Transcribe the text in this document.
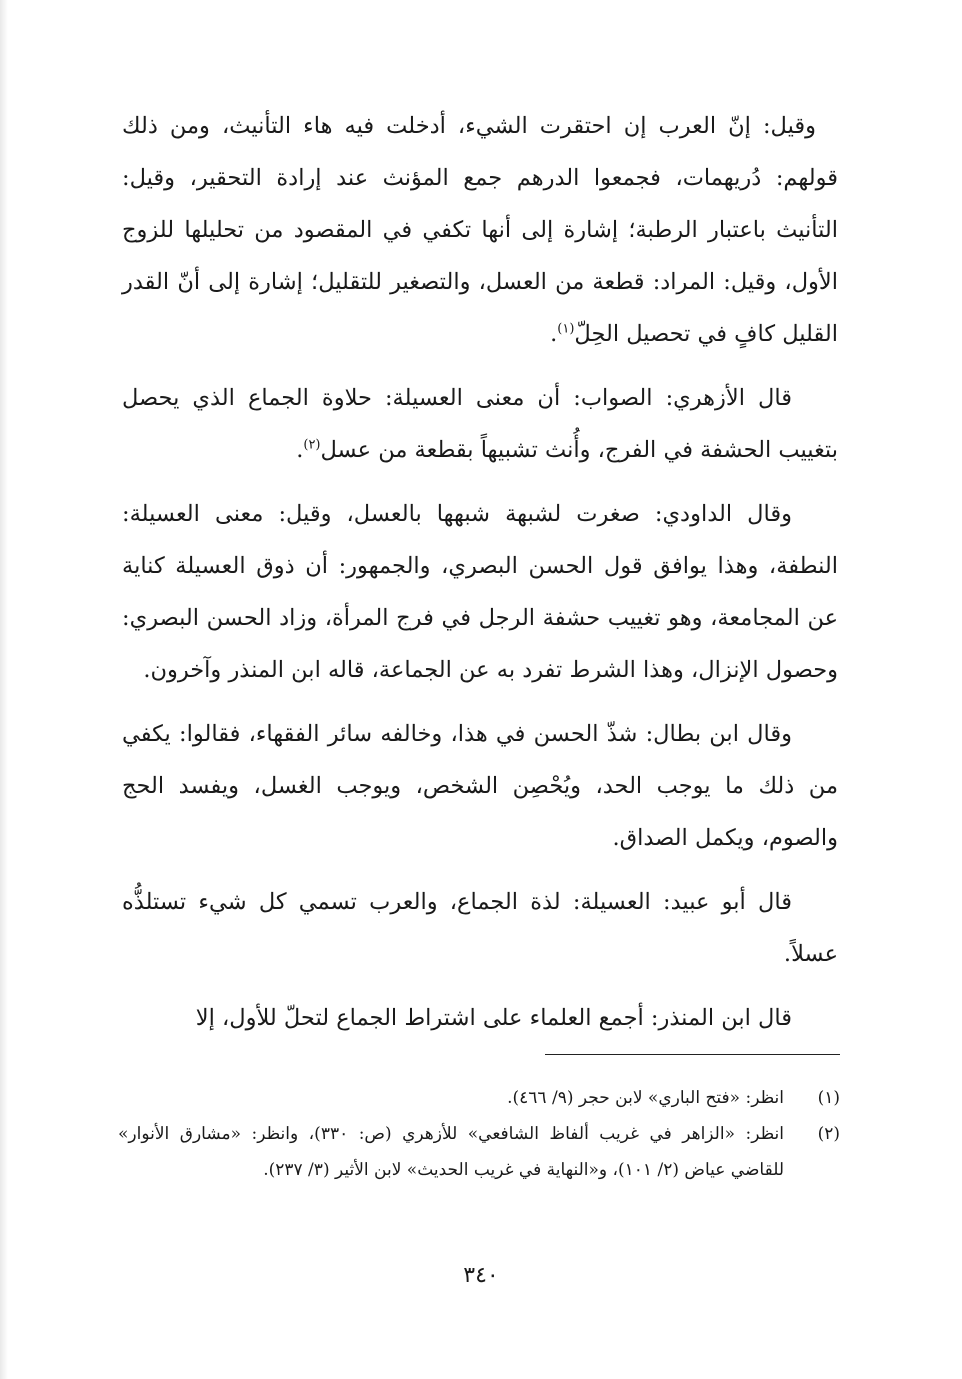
وقيل: إنّ العرب إن احتقرت الشيء، أدخلت فيه هاء التأنيث، ومن ذلك قولهم: دُريهمات، فجمعوا الدرهم جمع المؤنث عند إرادة التحقير، وقيل: التأنيث باعتبار الرطبة؛ إشارة إلى أنها تكفي في المقصود من تحليلها للزوج الأول، وقيل: المراد: قطعة من العسل، والتصغير للتقليل؛ إشارة إلى أنّ القدر القليل كافٍ في تحصيل الحِلّ$^{(١)}$.

قال الأزهري: الصواب: أن معنى العسيلة: حلاوة الجماع الذي يحصل بتغييب الحشفة في الفرج، وأُنث تشبيهاً بقطعة من عسل$^{(٢)}$.

وقال الداودي: صغرت لشبهة شبهها بالعسل، وقيل: معنى العسيلة: النطفة، وهذا يوافق قول الحسن البصري، والجمهور: أن ذوق العسيلة كناية عن المجامعة، وهو تغييب حشفة الرجل في فرج المرأة، وزاد الحسن البصري: وحصول الإنزال، وهذا الشرط تفرد به عن الجماعة، قاله ابن المنذر وآخرون.

وقال ابن بطال: شذّ الحسن في هذا، وخالفه سائر الفقهاء، فقالوا: يكفي من ذلك ما يوجب الحد، ويُحْصِن الشخص، ويوجب الغسل، ويفسد الحج والصوم، ويكمل الصداق.

قال أبو عبيد: العسيلة: لذة الجماع، والعرب تسمي كل شيء تستلذُّه عسلاً.

قال ابن المنذر: أجمع العلماء على اشتراط الجماع لتحلّ للأول، إلا

(١)
انظر: «فتح الباري» لابن حجر (٩/ ٤٦٦).

(٢)
انظر: «الزاهر في غريب ألفاظ الشافعي» للأزهري (ص: ٣٣٠)، وانظر: «مشارق الأنوار» للقاضي عياض (٢/ ١٠١)، و«النهاية في غريب الحديث» لابن الأثير (٣/ ٢٣٧).

٣٤٠
